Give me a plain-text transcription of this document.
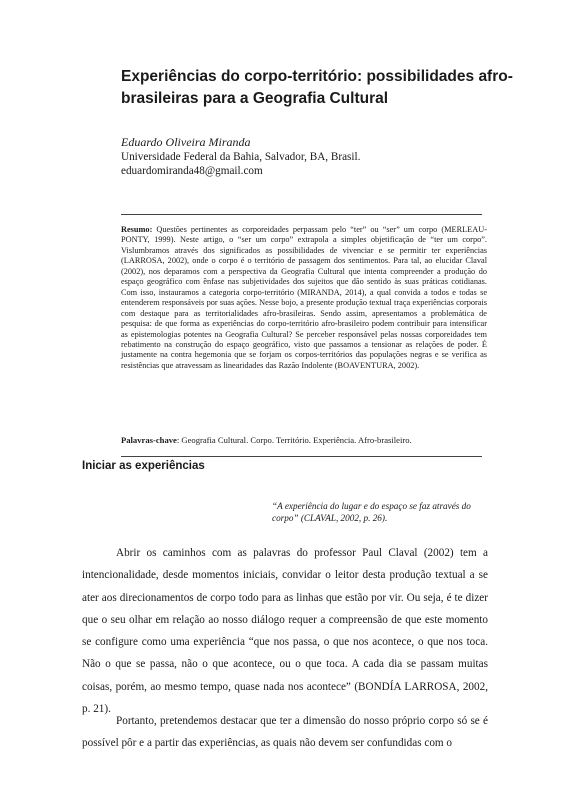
Experiências do corpo-território: possibilidades afro-brasileiras para a Geografia Cultural
Eduardo Oliveira Miranda
Universidade Federal da Bahia, Salvador, BA, Brasil.
eduardomiranda48@gmail.com
Resumo: Questões pertinentes as corporeidades perpassam pelo “ter” ou “ser” um corpo (MERLEAU-PONTY, 1999). Neste artigo, o “ser um corpo” extrapola a simples objetificação de “ter um corpo”. Vislumbramos através dos significados as possibilidades de vivenciar e se permitir ter experiências (LARROSA, 2002), onde o corpo é o território de passagem dos sentimentos. Para tal, ao elucidar Claval (2002), nos deparamos com a perspectiva da Geografia Cultural que intenta compreender a produção do espaço geográfico com ênfase nas subjetividades dos sujeitos que dão sentido às suas práticas cotidianas. Com isso, instauramos a categoria corpo-território (MIRANDA, 2014), a qual convida a todos e todas se entenderem responsáveis por suas ações. Nesse bojo, a presente produção textual traça experiências corporais com destaque para as territorialidades afro-brasileiras. Sendo assim, apresentamos a problemática de pesquisa: de que forma as experiências do corpo-território afro-brasileiro podem contribuir para intensificar as epistemologias potentes na Geografia Cultural? Se perceber responsável pelas nossas corporeidades tem rebatimento na construção do espaço geográfico, visto que passamos a tensionar as relações de poder. É justamente na contra hegemonia que se forjam os corpos-territórios das populações negras e se verifica as resistências que atravessam as linearidades das Razão Indolente (BOAVENTURA, 2002).
Palavras-chave: Geografia Cultural. Corpo. Território. Experiência. Afro-brasileiro.
Iniciar as experiências
“A experiência do lugar e do espaço se faz através do corpo” (CLAVAL, 2002, p. 26).

Abrir os caminhos com as palavras do professor Paul Claval (2002) tem a intencionalidade, desde momentos iniciais, convidar o leitor desta produção textual a se ater aos direcionamentos de corpo todo para as linhas que estão por vir. Ou seja, é te dizer que o seu olhar em relação ao nosso diálogo requer a compreensão de que este momento se configure como uma experiência “que nos passa, o que nos acontece, o que nos toca. Não o que se passa, não o que acontece, ou o que toca. A cada dia se passam muitas coisas, porém, ao mesmo tempo, quase nada nos acontece” (BONDÍA LARROSA, 2002, p. 21).

Portanto, pretendemos destacar que ter a dimensão do nosso próprio corpo só se é possível pôr e a partir das experiências, as quais não devem ser confundidas com o
